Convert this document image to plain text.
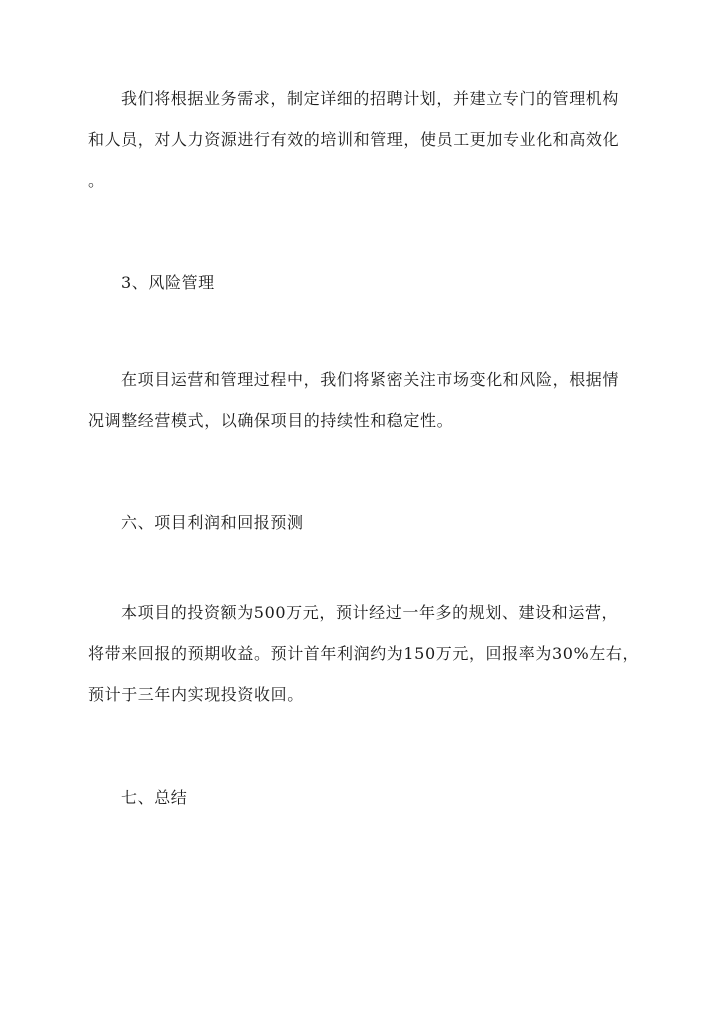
我们将根据业务需求，制定详细的招聘计划，并建立专门的管理机构
和人员，对人力资源进行有效的培训和管理，使员工更加专业化和高效化
。
3、风险管理
在项目运营和管理过程中，我们将紧密关注市场变化和风险，根据情
况调整经营模式，以确保项目的持续性和稳定性。
六、项目利润和回报预测
本项目的投资额为500万元，预计经过一年多的规划、建设和运营，
将带来回报的预期收益。预计首年利润约为150万元，回报率为30%左右，
预计于三年内实现投资收回。
七、总结
